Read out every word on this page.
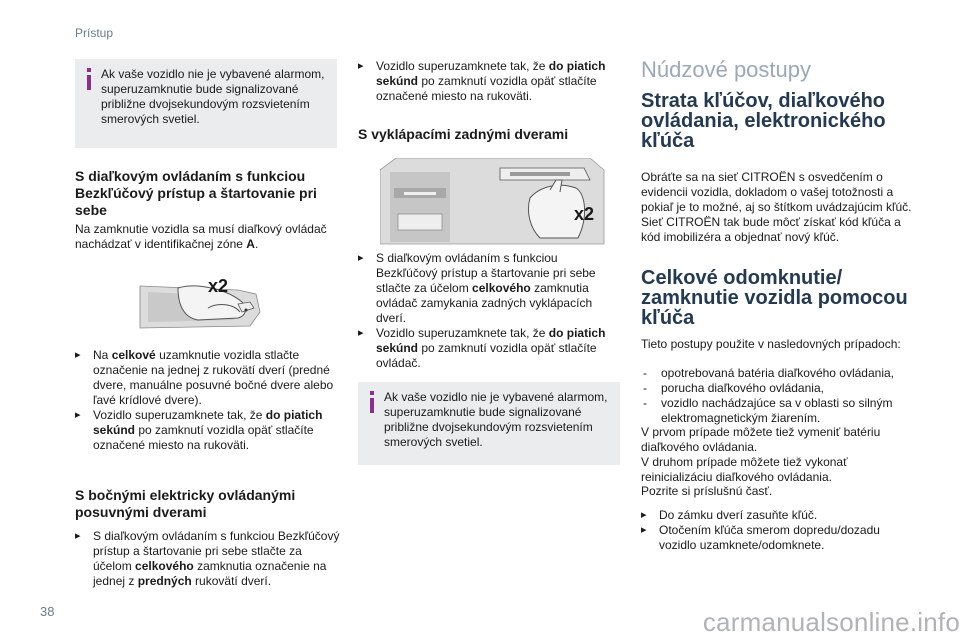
Prístup
38	carmanualsonline.info
Ak vaše vozidlo nie je vybavené alarmom, superuzamknutie bude signalizované približne dvojsekundovým rozsvietením smerových svetiel.
S diaľkovým ovládaním s funkciou Bezkľúčový prístup a štartovanie pri sebe
Na zamknutie vozidla sa musí diaľkový ovládač nachádzať v identifikačnej zóne A.
x2
▸ Na celkové uzamknutie vozidla stlačte označenie na jednej z rukovätí dverí (predné dvere, manuálne posuvné bočné dvere alebo ľavé krídlové dvere).
▸ Vozidlo superuzamknete tak, že do piatich sekúnd po zamknutí vozidla opäť stlačíte označené miesto na rukoväti.
S bočnými elektricky ovládanými posuvnými dverami
▸ S diaľkovým ovládaním s funkciou Bezkľúčový prístup a štartovanie pri sebe stlačte za účelom celkového zamknutia označenie na jednej z predných rukovätí dverí.
▸ Vozidlo superuzamknete tak, že do piatich sekúnd po zamknutí vozidla opäť stlačíte označené miesto na rukoväti.
S vyklápacími zadnými dverami
x2
▸ S diaľkovým ovládaním s funkciou Bezkľúčový prístup a štartovanie pri sebe stlačte za účelom celkového zamknutia ovládač zamykania zadných vyklápacích dverí.
▸ Vozidlo superuzamknete tak, že do piatich sekúnd po zamknutí vozidla opäť stlačíte ovládač.
Ak vaše vozidlo nie je vybavené alarmom, superuzamknutie bude signalizované približne dvojsekundovým rozsvietením smerových svetiel.
Núdzové postupy
Strata kľúčov, diaľkového ovládania, elektronického kľúča
Obráťte sa na sieť CITROËN s osvedčením o evidencii vozidla, dokladom o vašej totožnosti a pokiaľ je to možné, aj so štítkom uvádzajúcim kľúč.
Sieť CITROËN tak bude môcť získať kód kľúča a kód imobilizéra a objednať nový kľúč.
Celkové odomknutie/ zamknutie vozidla pomocou kľúča
Tieto postupy použite v nasledovných prípadoch:
- opotrebovaná batéria diaľkového ovládania,
- porucha diaľkového ovládania,
- vozidlo nachádzajúce sa v oblasti so silným elektromagnetickým žiarením.
V prvom prípade môžete tiež vymeniť batériu diaľkového ovládania.
V druhom prípade môžete tiež vykonať reinicializáciu diaľkového ovládania.
Pozrite si príslušnú časť.
▸ Do zámku dverí zasuňte kľúč.
▸ Otočením kľúča smerom dopredu/dozadu vozidlo uzamknete/odomknete.
